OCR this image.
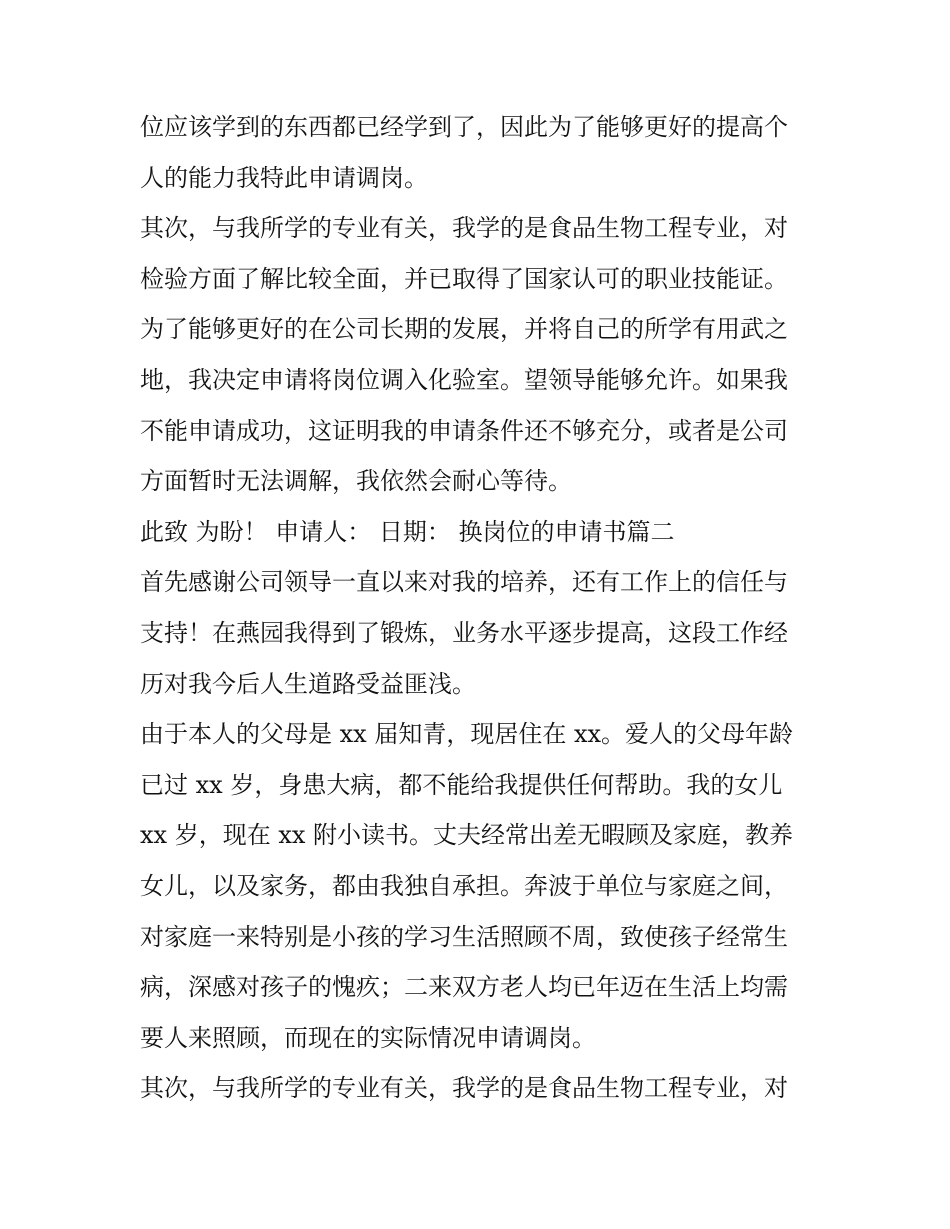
位应该学到的东西都已经学到了，因此为了能够更好的提高个
人的能力我特此申请调岗。
其次，与我所学的专业有关，我学的是食品生物工程专业，对
检验方面了解比较全面，并已取得了国家认可的职业技能证。
为了能够更好的在公司长期的发展，并将自己的所学有用武之
地，我决定申请将岗位调入化验室。望领导能够允许。如果我
不能申请成功，这证明我的申请条件还不够充分，或者是公司
方面暂时无法调解，我依然会耐心等待。
此致 为盼！ 申请人： 日期： 换岗位的申请书篇二
首先感谢公司领导一直以来对我的培养，还有工作上的信任与
支持！在燕园我得到了锻炼，业务水平逐步提高，这段工作经
历对我今后人生道路受益匪浅。
由于本人的父母是 xx 届知青，现居住在 xx。爱人的父母年龄
已过 xx 岁，身患大病，都不能给我提供任何帮助。我的女儿
xx 岁，现在 xx 附小读书。丈夫经常出差无暇顾及家庭，教养
女儿，以及家务，都由我独自承担。奔波于单位与家庭之间，
对家庭一来特别是小孩的学习生活照顾不周，致使孩子经常生
病，深感对孩子的愧疚；二来双方老人均已年迈在生活上均需
要人来照顾，而现在的实际情况申请调岗。
其次，与我所学的专业有关，我学的是食品生物工程专业，对
